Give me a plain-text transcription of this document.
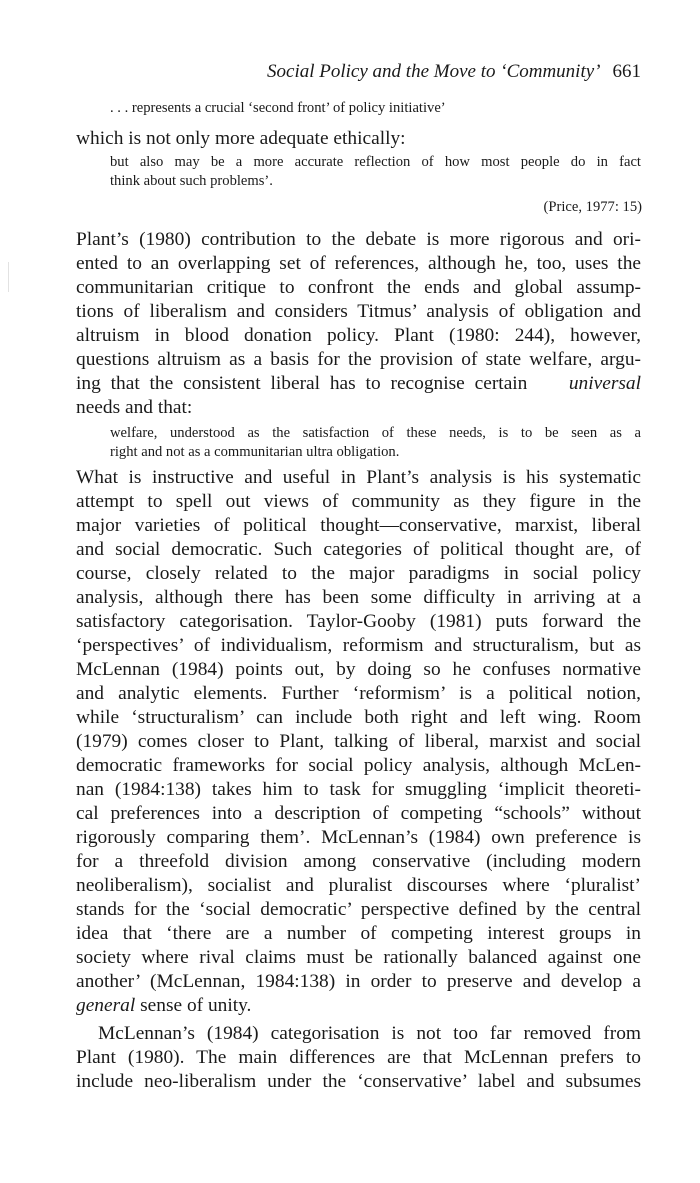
Social Policy and the Move to ‘Community’ 661
. . . represents a crucial ‘second front’ of policy initiative’
which is not only more adequate ethically:
but also may be a more accurate reflection of how most people do in fact
think about such problems’.
(Price, 1977: 15)
Plant’s (1980) contribution to the debate is more rigorous and ori-
ented to an overlapping set of references, although he, too, uses the
communitarian critique to confront the ends and global assump-
tions of liberalism and considers Titmus’ analysis of obligation and
altruism in blood donation policy. Plant (1980: 244), however,
questions altruism as a basis for the provision of state welfare, argu-
ing that the consistent liberal has to recognise certain universal
needs and that:
welfare, understood as the satisfaction of these needs, is to be seen as a
right and not as a communitarian ultra obligation.
What is instructive and useful in Plant’s analysis is his systematic
attempt to spell out views of community as they figure in the
major varieties of political thought—conservative, marxist, liberal
and social democratic. Such categories of political thought are, of
course, closely related to the major paradigms in social policy
analysis, although there has been some difficulty in arriving at a
satisfactory categorisation. Taylor-Gooby (1981) puts forward the
‘perspectives’ of individualism, reformism and structuralism, but as
McLennan (1984) points out, by doing so he confuses normative
and analytic elements. Further ‘reformism’ is a political notion,
while ‘structuralism’ can include both right and left wing. Room
(1979) comes closer to Plant, talking of liberal, marxist and social
democratic frameworks for social policy analysis, although McLen-
nan (1984:138) takes him to task for smuggling ‘implicit theoreti-
cal preferences into a description of competing “schools” without
rigorously comparing them’. McLennan’s (1984) own preference is
for a threefold division among conservative (including modern
neoliberalism), socialist and pluralist discourses where ‘pluralist’
stands for the ‘social democratic’ perspective defined by the central
idea that ‘there are a number of competing interest groups in
society where rival claims must be rationally balanced against one
another’ (McLennan, 1984:138) in order to preserve and develop a
general sense of unity.
McLennan’s (1984) categorisation is not too far removed from
Plant (1980). The main differences are that McLennan prefers to
include neo-liberalism under the ‘conservative’ label and subsumes
